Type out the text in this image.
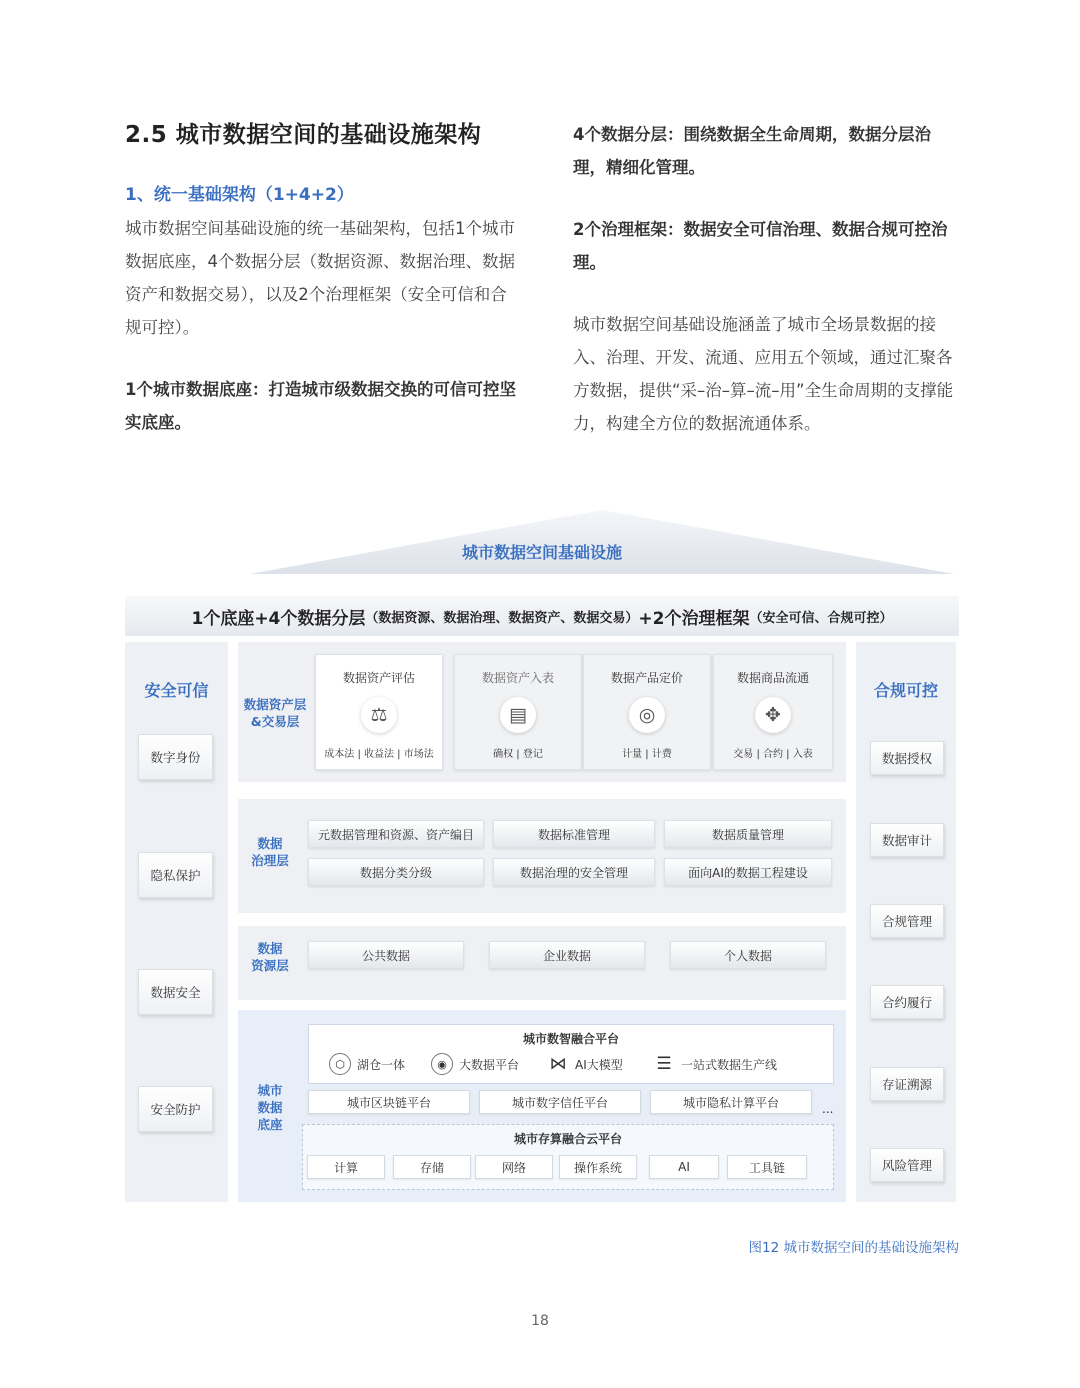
2.5 城市数据空间的基础设施架构
1、统一基础架构（1+4+2）
城市数据空间基础设施的统一基础架构，包括1个城市数据底座，4个数据分层（数据资源、数据治理、数据资产和数据交易），以及2个治理框架（安全可信和合规可控）。
1个城市数据底座：打造城市级数据交换的可信可控坚实底座。
4个数据分层：围绕数据全生命周期，数据分层治理，精细化管理。
2个治理框架：数据安全可信治理、数据合规可控治理。
城市数据空间基础设施涵盖了城市全场景数据的接入、治理、开发、流通、应用五个领域，通过汇聚各方数据，提供“采–治–算–流–用”全生命周期的支撑能力，构建全方位的数据流通体系。
城市数据空间基础设施
1个底座+4个数据分层 （数据资源、数据治理、数据资产、数据交易） +2个治理框架 （安全可信、合规可控）
安全可信
数字身份
隐私保护
数据安全
安全防护
合规可控
数据授权
数据审计
合规管理
合约履行
存证溯源
风险管理
数据资产层
&交易层
数据资产评估
⚖
成本法 | 收益法 | 市场法
数据资产入表
▤
确权 | 登记
数据产品定价
◎
计量 | 计费
数据商品流通
✥
交易 | 合约 | 入表
数据
治理层
元数据管理和资源、资产编目	数据标准管理	数据质量管理
数据分类分级	数据治理的安全管理	面向AI的数据工程建设
数据
资源层
公共数据	企业数据	个人数据
城市
数据
底座
城市数智融合平台
⬡	湖仓一体	◉	大数据平台 ⋈ AI大模型 ☰ 一站式数据生产线
城市区块链平台	城市数字信任平台	城市隐私计算平台	...
城市存算融合云平台
计算	存储	网络	操作系统	AI	工具链
图12 城市数据空间的基础设施架构
18
